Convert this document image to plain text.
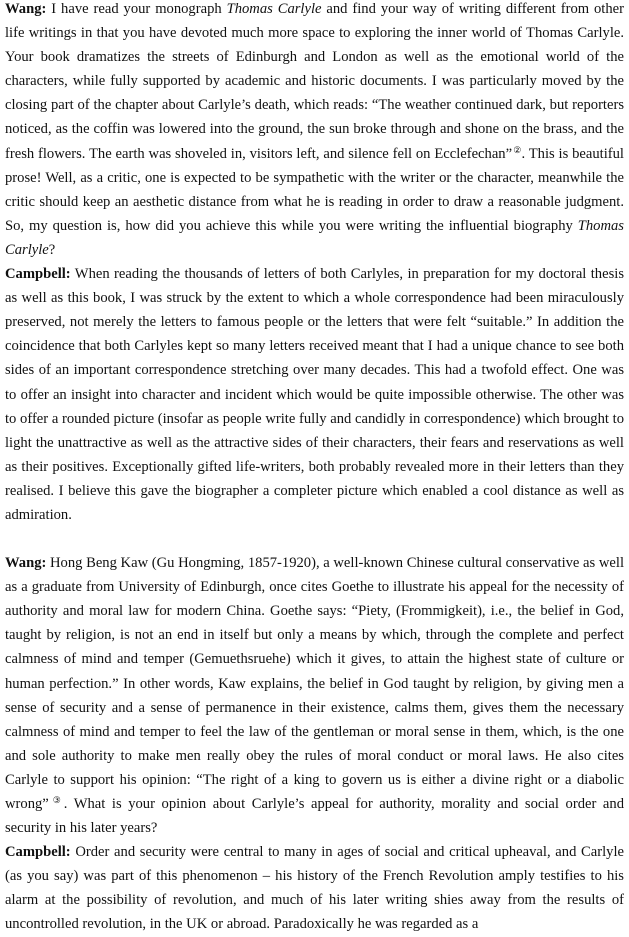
Wang: I have read your monograph Thomas Carlyle and find your way of writing different from other life writings in that you have devoted much more space to exploring the inner world of Thomas Carlyle. Your book dramatizes the streets of Edinburgh and London as well as the emotional world of the characters, while fully supported by academic and historic documents. I was particularly moved by the closing part of the chapter about Carlyle’s death, which reads: “The weather continued dark, but reporters noticed, as the coffin was lowered into the ground, the sun broke through and shone on the brass, and the fresh flowers. The earth was shoveled in, visitors left, and silence fell on Ecclefechan”②. This is beautiful prose! Well, as a critic, one is expected to be sympathetic with the writer or the character, meanwhile the critic should keep an aesthetic distance from what he is reading in order to draw a reasonable judgment. So, my question is, how did you achieve this while you were writing the influential biography Thomas Carlyle?

Campbell: When reading the thousands of letters of both Carlyles, in preparation for my doctoral thesis as well as this book, I was struck by the extent to which a whole correspondence had been miraculously preserved, not merely the letters to famous people or the letters that were felt “suitable.” In addition the coincidence that both Carlyles kept so many letters received meant that I had a unique chance to see both sides of an important correspondence stretching over many decades. This had a twofold effect. One was to offer an insight into character and incident which would be quite impossible otherwise. The other was to offer a rounded picture (insofar as people write fully and candidly in correspondence) which brought to light the unattractive as well as the attractive sides of their characters, their fears and reservations as well as their positives. Exceptionally gifted life-writers, both probably revealed more in their letters than they realised. I believe this gave the biographer a completer picture which enabled a cool distance as well as admiration.

Wang: Hong Beng Kaw (Gu Hongming, 1857-1920), a well-known Chinese cultural conservative as well as a graduate from University of Edinburgh, once cites Goethe to illustrate his appeal for the necessity of authority and moral law for modern China. Goethe says: “Piety, (Frommigkeit), i.e., the belief in God, taught by religion, is not an end in itself but only a means by which, through the complete and perfect calmness of mind and temper (Gemuethsruehe) which it gives, to attain the highest state of culture or human perfection.” In other words, Kaw explains, the belief in God taught by religion, by giving men a sense of security and a sense of permanence in their existence, calms them, gives them the necessary calmness of mind and temper to feel the law of the gentleman or moral sense in them, which, is the one and sole authority to make men really obey the rules of moral conduct or moral laws. He also cites Carlyle to support his opinion: “The right of a king to govern us is either a divine right or a diabolic wrong”③. What is your opinion about Carlyle’s appeal for authority, morality and social order and security in his later years?

Campbell: Order and security were central to many in ages of social and critical upheaval, and Carlyle (as you say) was part of this phenomenon – his history of the French Revolution amply testifies to his alarm at the possibility of revolution, and much of his later writing shies away from the results of uncontrolled revolution, in the UK or abroad. Paradoxically he was regarded as a
